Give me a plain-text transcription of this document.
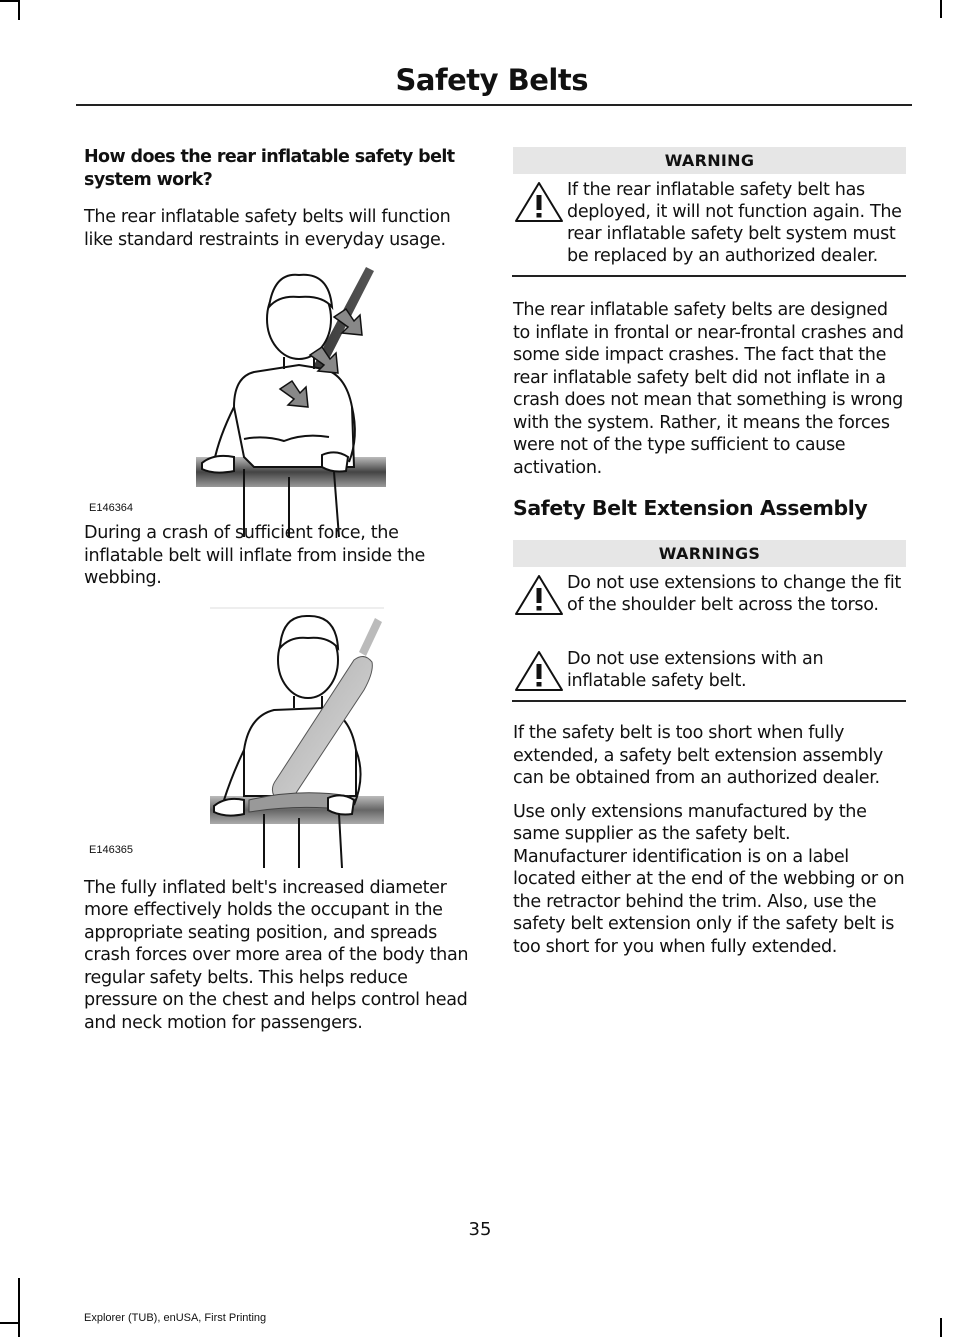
Safety Belts

How does the rear inflatable safety belt system work?

The rear inflatable safety belts will function like standard restraints in everyday usage.

E146364

During a crash of sufficient force, the inflatable belt will inflate from inside the webbing.

E146365

The fully inflated belt's increased diameter more effectively holds the occupant in the appropriate seating position, and spreads crash forces over more area of the body than regular safety belts. This helps reduce pressure on the chest and helps control head and neck motion for passengers.

WARNING
If the rear inflatable safety belt has deployed, it will not function again. The rear inflatable safety belt system must be replaced by an authorized dealer.

The rear inflatable safety belts are designed to inflate in frontal or near-frontal crashes and some side impact crashes. The fact that the rear inflatable safety belt did not inflate in a crash does not mean that something is wrong with the system. Rather, it means the forces were not of the type sufficient to cause activation.

Safety Belt Extension Assembly

WARNINGS
Do not use extensions to change the fit of the shoulder belt across the torso.
Do not use extensions with an inflatable safety belt.

If the safety belt is too short when fully extended, a safety belt extension assembly can be obtained from an authorized dealer.

Use only extensions manufactured by the same supplier as the safety belt. Manufacturer identification is on a label located either at the end of the webbing or on the retractor behind the trim. Also, use the safety belt extension only if the safety belt is too short for you when fully extended.

35
Explorer (TUB), enUSA, First Printing
